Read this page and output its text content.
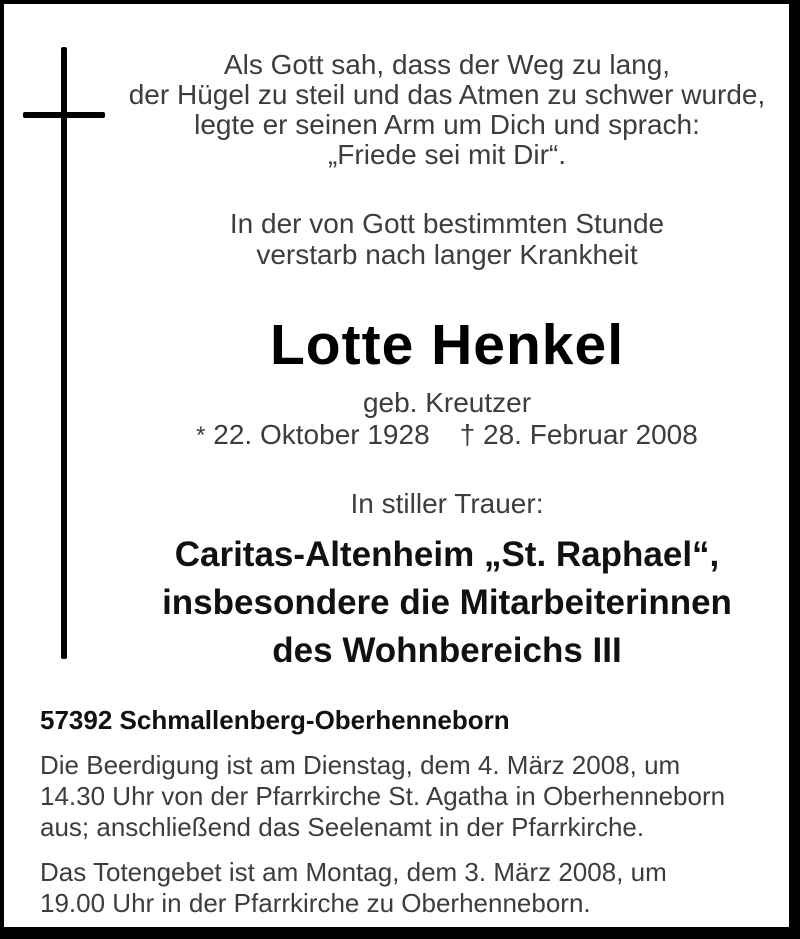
Als Gott sah, dass der Weg zu lang,
der Hügel zu steil und das Atmen zu schwer wurde,
legte er seinen Arm um Dich und sprach:
„Friede sei mit Dir“.
In der von Gott bestimmten Stunde
verstarb nach langer Krankheit
Lotte Henkel
geb. Kreutzer
* 22. Oktober 1928 † 28. Februar 2008
In stiller Trauer:
Caritas-Altenheim „St. Raphael“,
insbesondere die Mitarbeiterinnen
des Wohnbereichs III
57392 Schmallenberg-Oberhenneborn
Die Beerdigung ist am Dienstag, dem 4. März 2008, um
14.30 Uhr von der Pfarrkirche St. Agatha in Oberhenneborn
aus; anschließend das Seelenamt in der Pfarrkirche.
Das Totengebet ist am Montag, dem 3. März 2008, um
19.00 Uhr in der Pfarrkirche zu Oberhenneborn.
